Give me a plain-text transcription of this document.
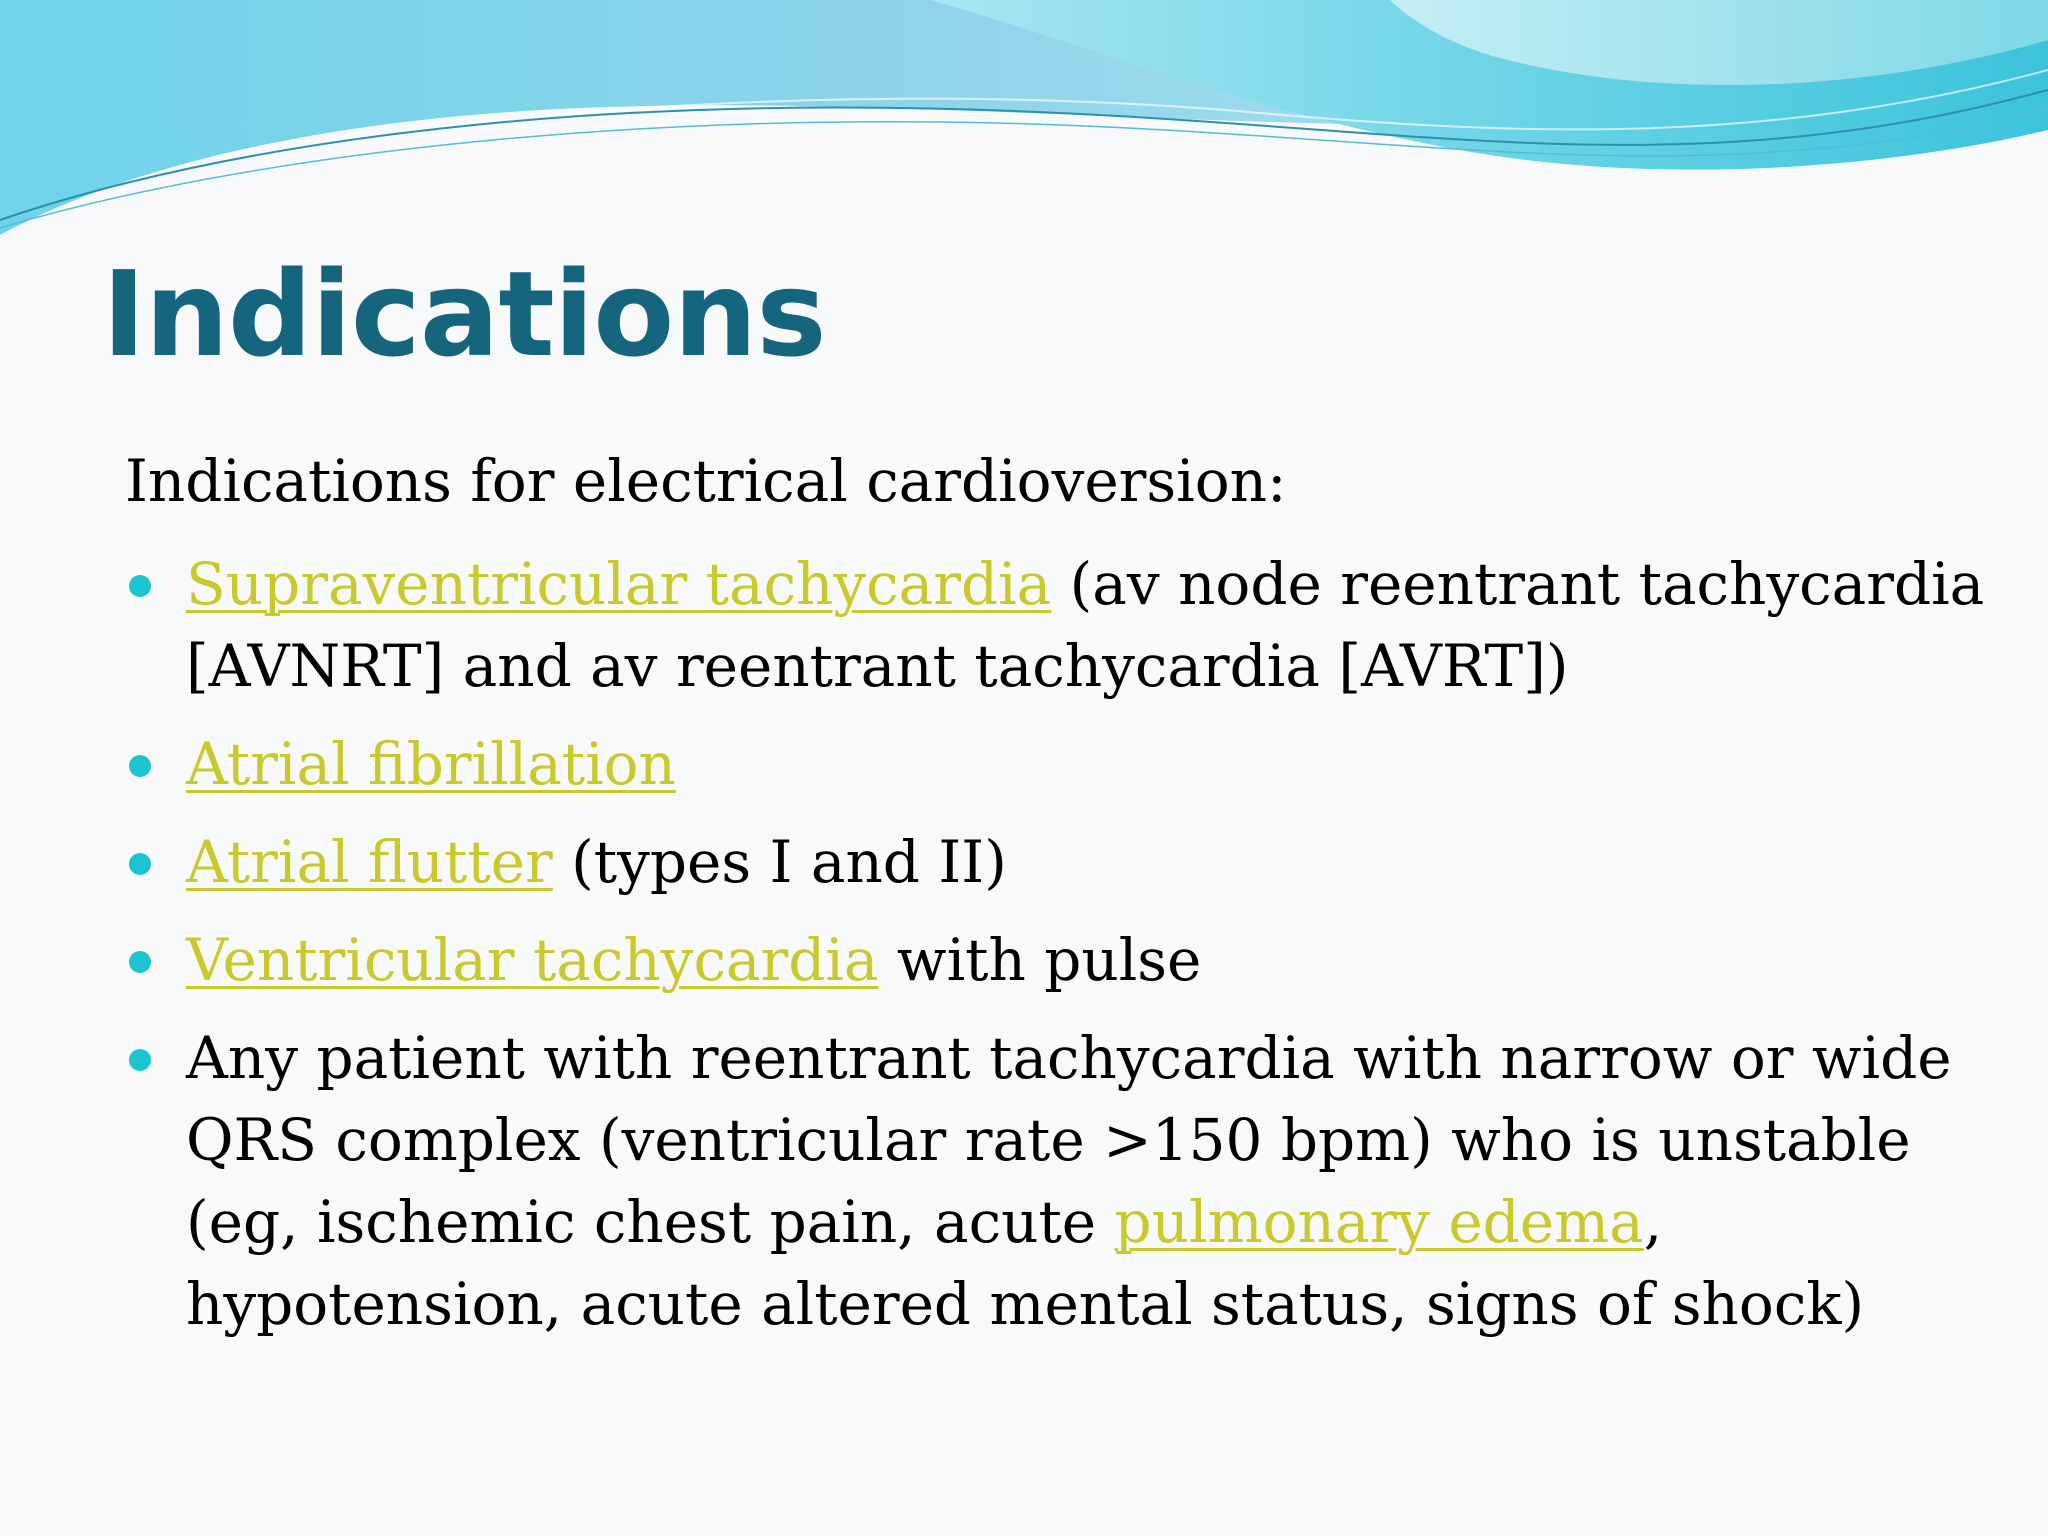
Indications

Indications for electrical cardioversion:

Supraventricular tachycardia (av node reentrant tachycardia [AVNRT] and av reentrant tachycardia [AVRT])
Atrial fibrillation
Atrial flutter (types I and II)
Ventricular tachycardia with pulse
Any patient with reentrant tachycardia with narrow or wide QRS complex (ventricular rate >150 bpm) who is unstable (eg, ischemic chest pain, acute pulmonary edema, hypotension, acute altered mental status, signs of shock)
